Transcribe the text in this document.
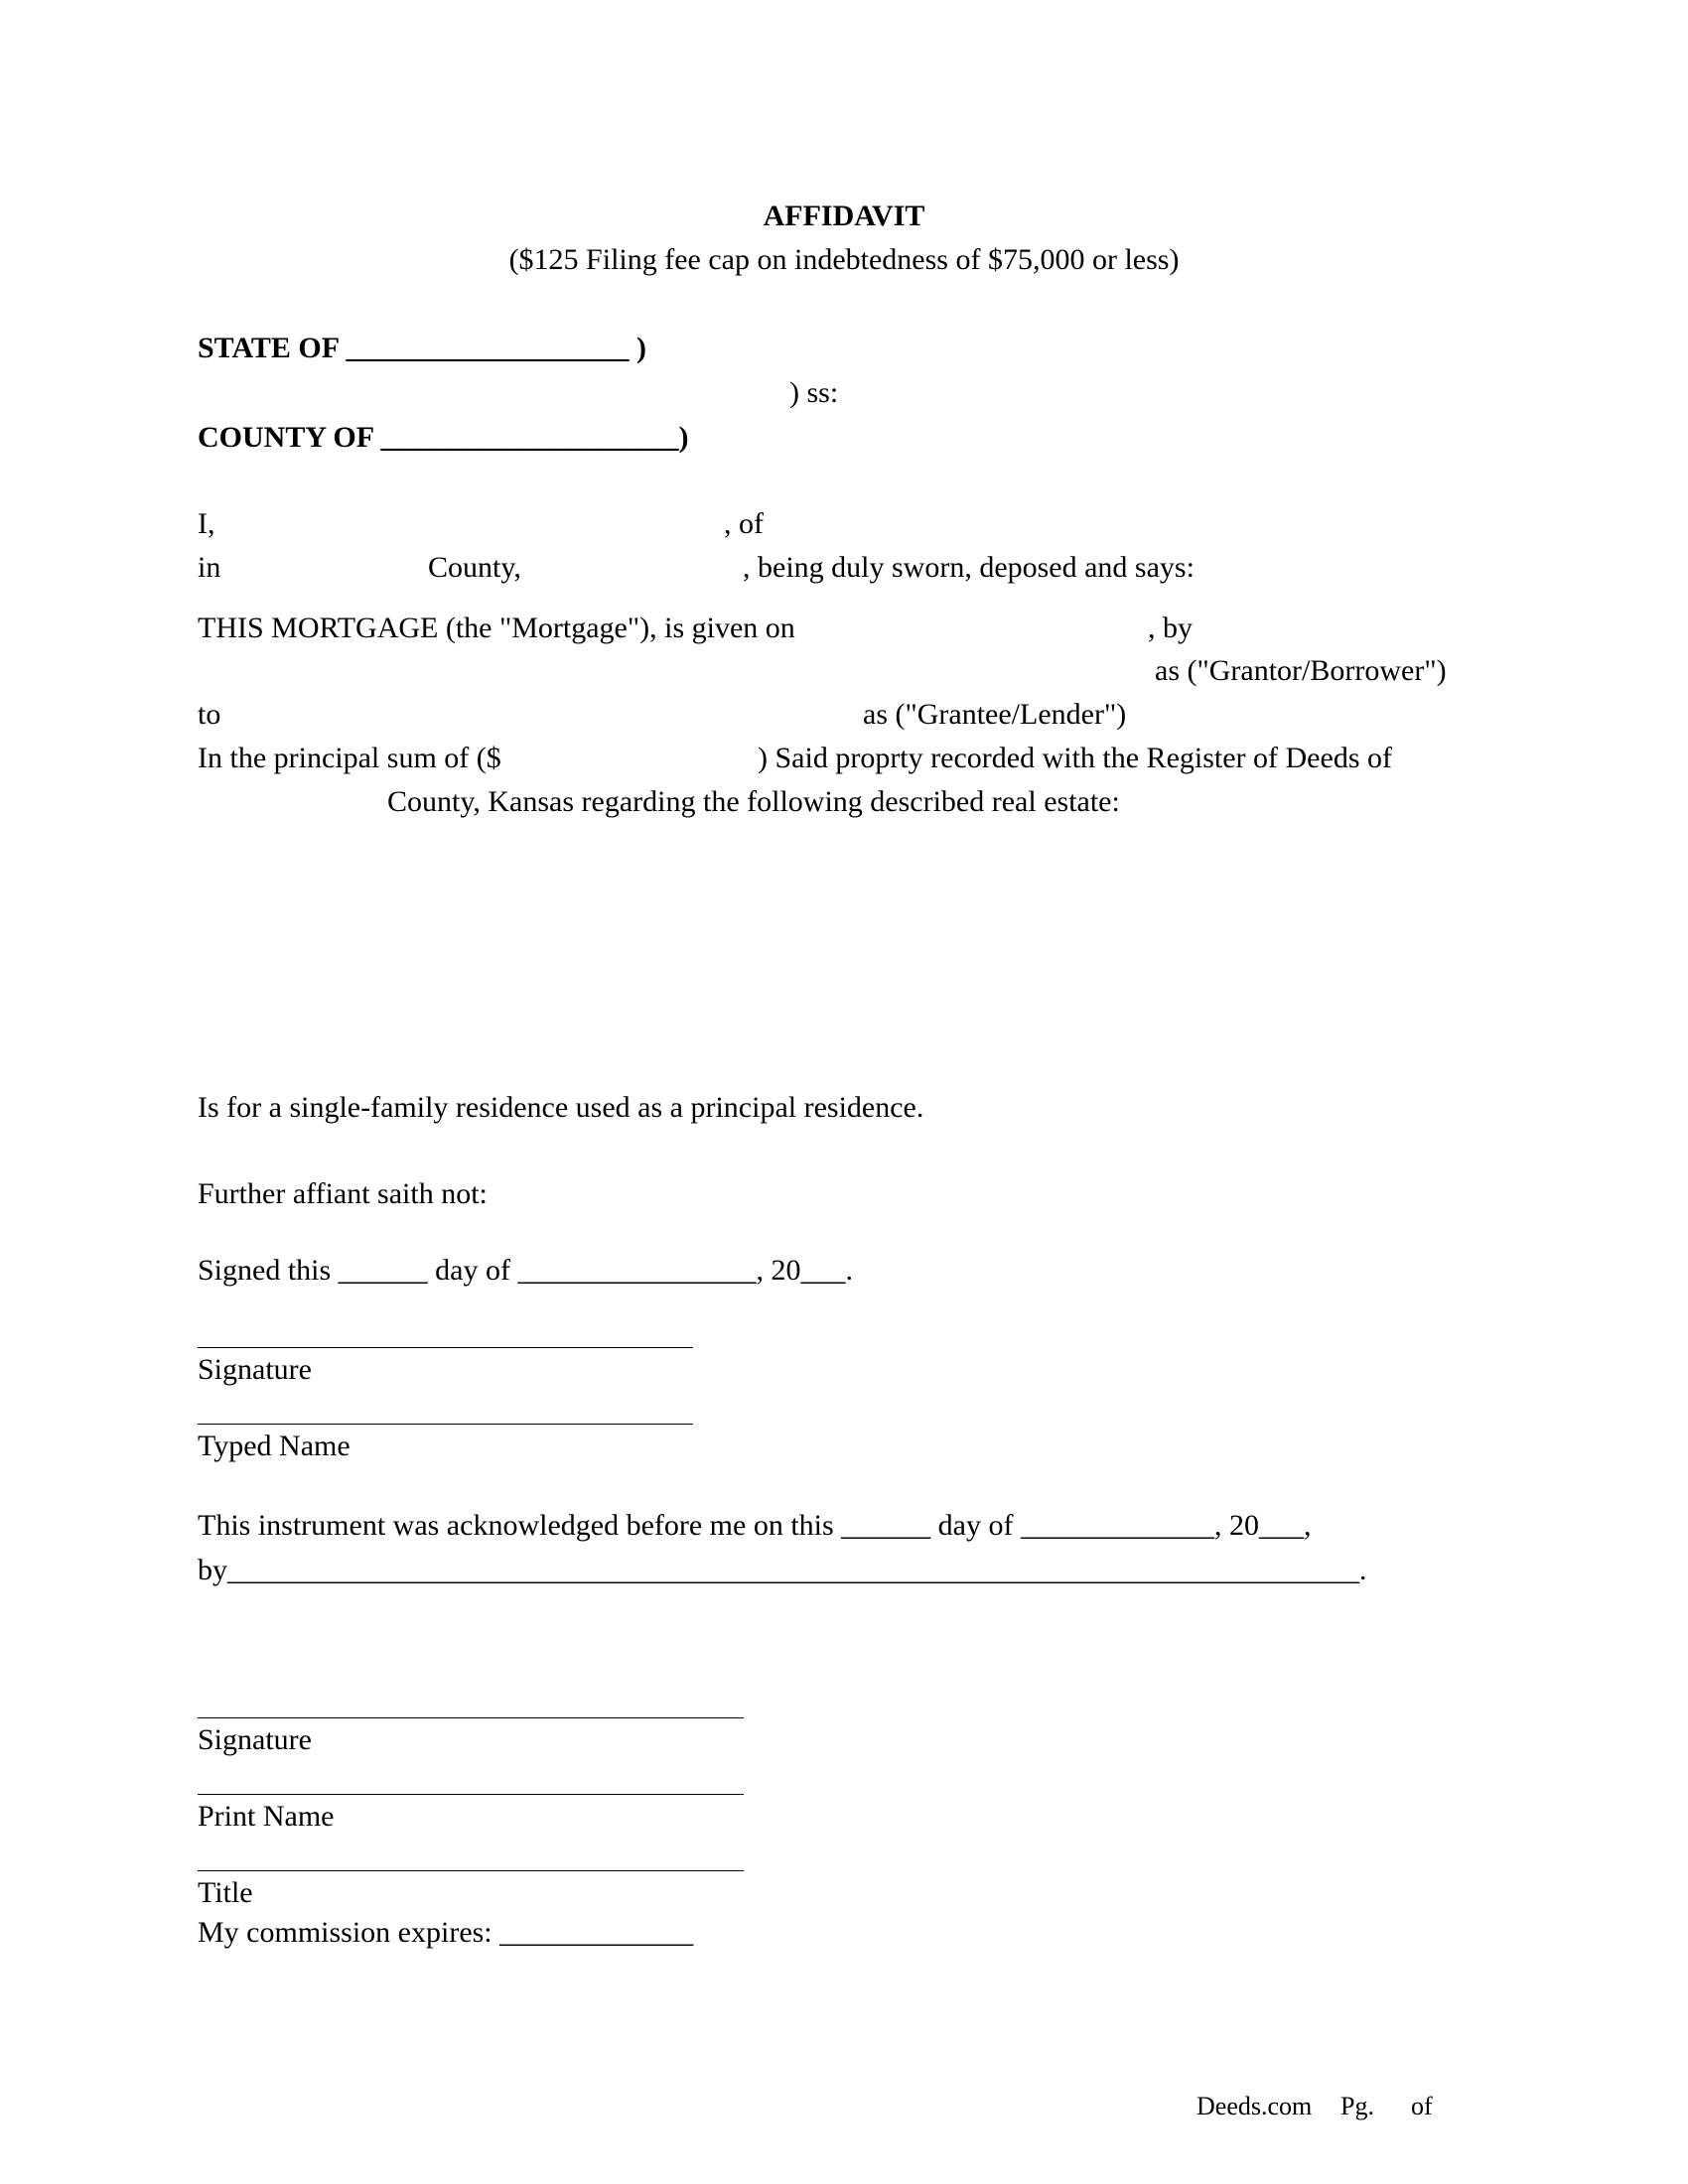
AFFIDAVIT
($125 Filing fee cap on indebtedness of $75,000 or less)
STATE OF ___________________ )
) ss:
COUNTY OF ____________________)
I,	, of
in	County,	, being duly sworn, deposed and says:
THIS MORTGAGE (the "Mortgage"), is given on	, by
as ("Grantor/Borrower")
to	as ("Grantee/Lender")
In the principal sum of ($	) Said proprty recorded with the Register of Deeds of
County, Kansas regarding the following described real estate:
Is for a single-family residence used as a principal residence.
Further affiant saith not:
Signed this ______ day of ________________, 20___.
Signature
Typed Name
This instrument was acknowledged before me on this ______ day of _____________, 20___,
by____________________________________________________________________________.
Signature
Print Name
Title
My commission expires: _____________
Deeds.com Pg. of
